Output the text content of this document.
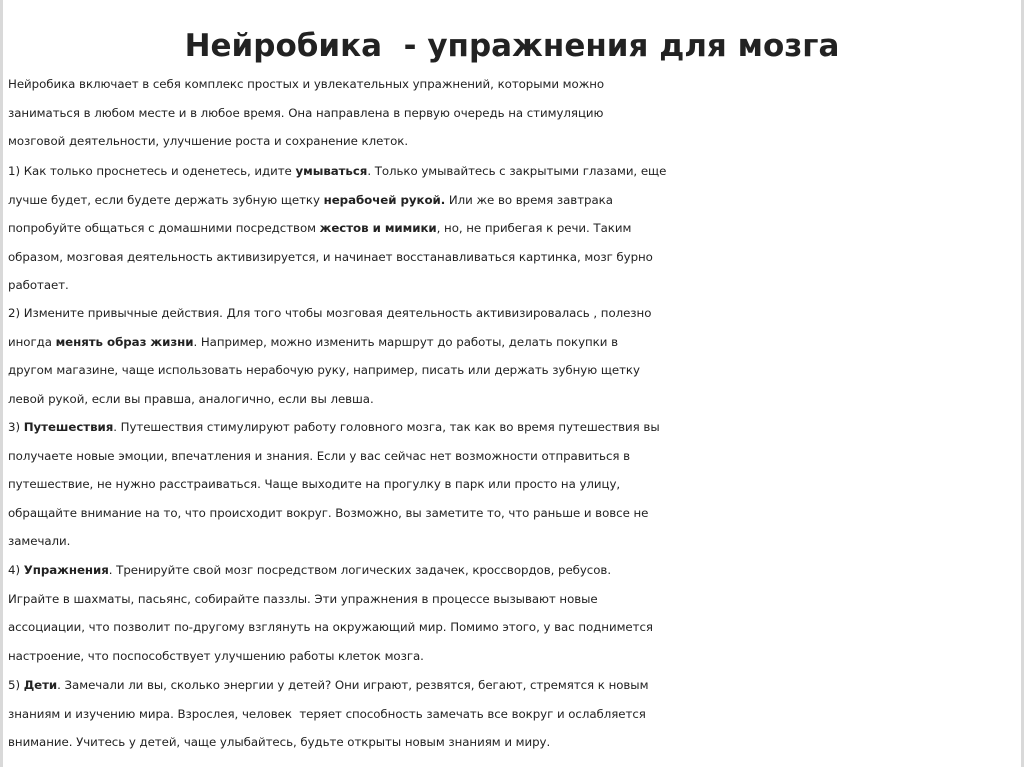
Нейробика  - упражнения для мозга
Нейробика включает в себя комплекс простых и увлекательных упражнений, которыми можно
заниматься в любом месте и в любое время. Она направлена в первую очередь на стимуляцию
мозговой деятельности, улучшение роста и сохранение клеток.
1) Как только проснетесь и оденетесь, идите умываться. Только умывайтесь с закрытыми глазами, еще
лучше будет, если будете держать зубную щетку нерабочей рукой. Или же во время завтрака
попробуйте общаться с домашними посредством жестов и мимики, но, не прибегая к речи. Таким
образом, мозговая деятельность активизируется, и начинает восстанавливаться картинка, мозг бурно
работает.
2) Измените привычные действия. Для того чтобы мозговая деятельность активизировалась , полезно
иногда менять образ жизни. Например, можно изменить маршрут до работы, делать покупки в
другом магазине, чаще использовать нерабочую руку, например, писать или держать зубную щетку
левой рукой, если вы правша, аналогично, если вы левша.
3) Путешествия. Путешествия стимулируют работу головного мозга, так как во время путешествия вы
получаете новые эмоции, впечатления и знания. Если у вас сейчас нет возможности отправиться в
путешествие, не нужно расстраиваться. Чаще выходите на прогулку в парк или просто на улицу,
обращайте внимание на то, что происходит вокруг. Возможно, вы заметите то, что раньше и вовсе не
замечали.
4) Упражнения. Тренируйте свой мозг посредством логических задачек, кроссвордов, ребусов.
Играйте в шахматы, пасьянс, собирайте паззлы. Эти упражнения в процессе вызывают новые
ассоциации, что позволит по-другому взглянуть на окружающий мир. Помимо этого, у вас поднимется
настроение, что поспособствует улучшению работы клеток мозга.
5) Дети. Замечали ли вы, сколько энергии у детей? Они играют, резвятся, бегают, стремятся к новым
знаниям и изучению мира. Взрослея, человек  теряет способность замечать все вокруг и ослабляется
внимание. Учитесь у детей, чаще улыбайтесь, будьте открыты новым знаниям и миру.
